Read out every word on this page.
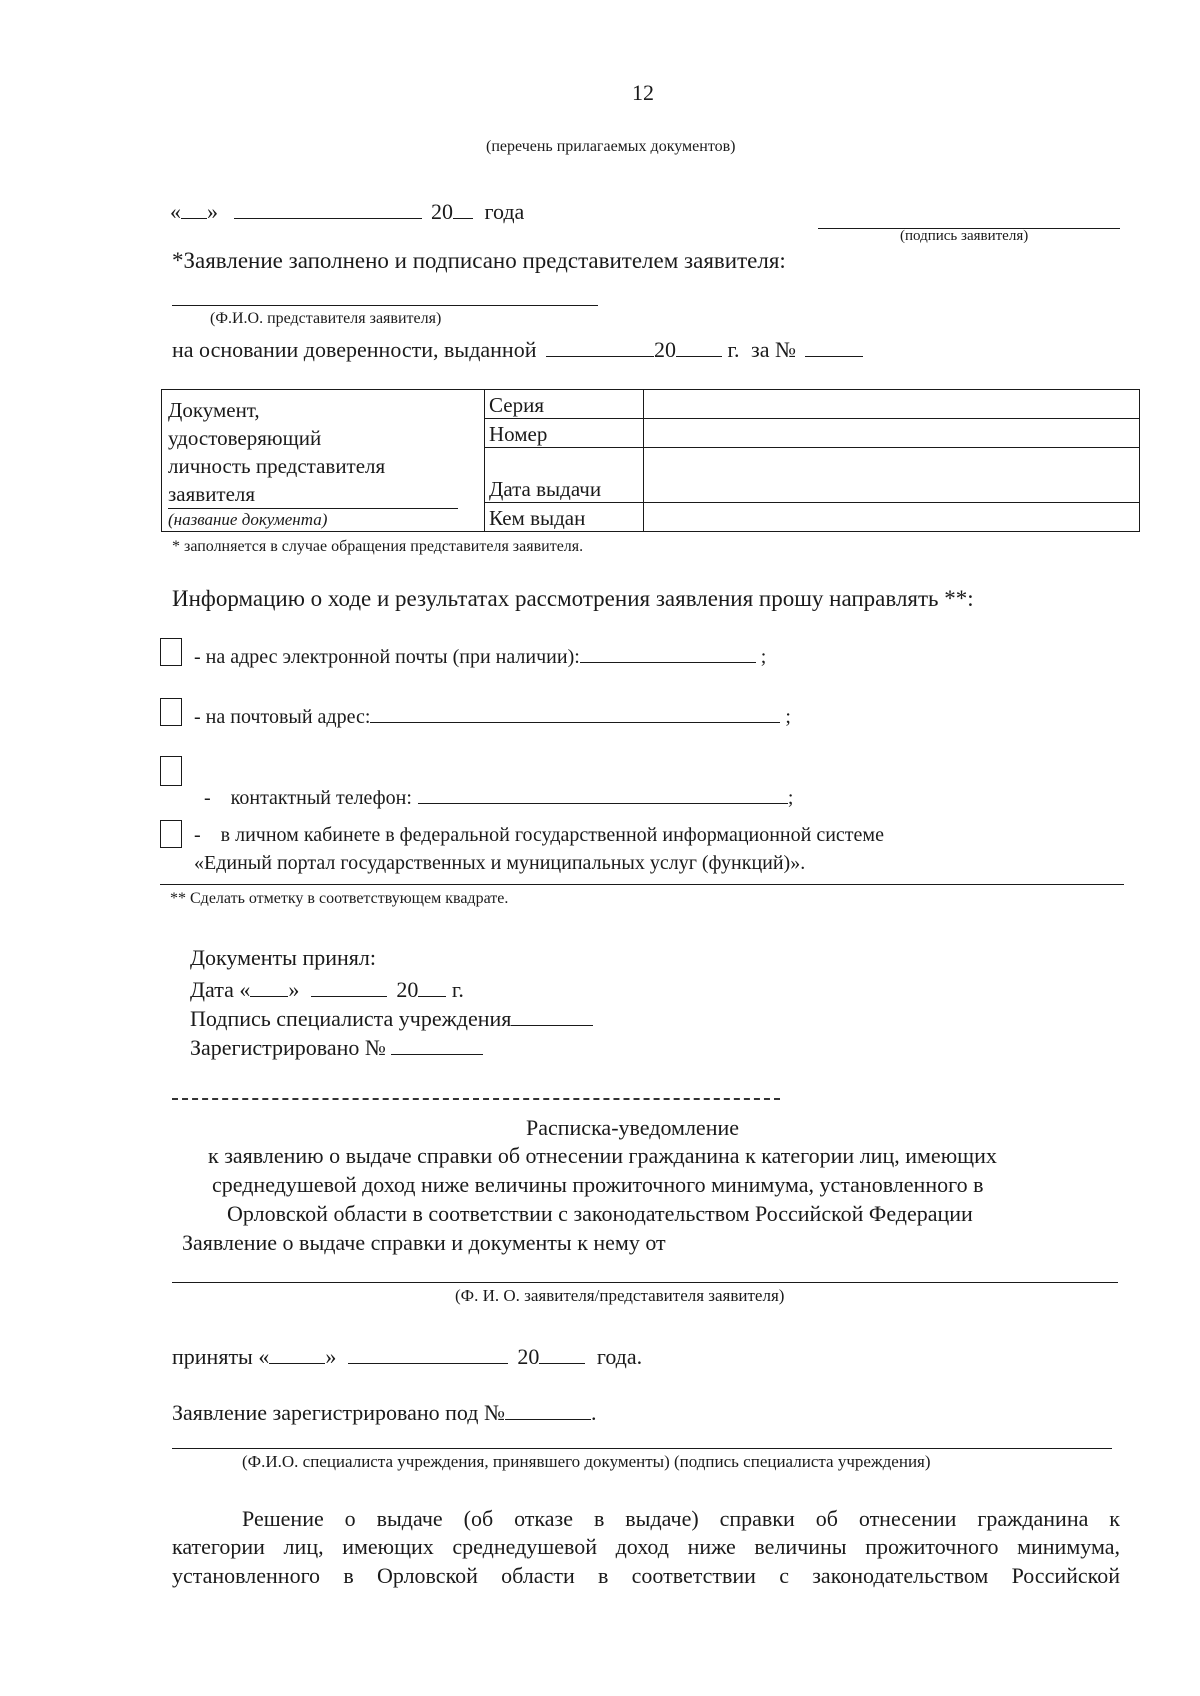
12
(перечень прилагаемых документов)
« »	20 года
(подпись заявителя)
*Заявление заполнено и подписано представителем заявителя:
(Ф.И.О. представителя заявителя)
на основании доверенности, выданной	20 г. за №
Документ,
удостоверяющий
личность представителя
заявителя
(название документа)	Серия	
	Номер	
	Дата выдачи	
	Кем выдан	
* заполняется в случае обращения представителя заявителя.
Информацию о ходе и результатах рассмотрения заявления прошу направлять **:
- на адрес электронной почты (при наличии):	;
- на почтовый адрес:	;

-    контактный телефон:	;

-    в личном кабинете в федеральной государственной информационной системе
«Единый портал государственных и муниципальных услуг (функций)».
** Сделать отметку в соответствующем квадрате.
Документы принял:
Дата « »	20 г.
Подпись специалиста учреждения
Зарегистрировано №
Расписка-уведомление
к заявлению о выдаче справки об отнесении гражданина к категории лиц, имеющих
среднедушевой доход ниже величины прожиточного минимума, установленного в
Орловской области в соответствии с законодательством Российской Федерации
Заявление о выдаче справки и документы к нему от
(Ф. И. О. заявителя/представителя заявителя)
приняты «	»	20	года.
Заявление зарегистрировано под №	.
(Ф.И.О. специалиста учреждения, принявшего документы) (подпись специалиста учреждения)
Решение о выдаче (об отказе в выдаче) справки об отнесении гражданина к
категории лиц, имеющих среднедушевой доход ниже величины прожиточного минимума,
установленного в Орловской области в соответствии с законодательством Российской
